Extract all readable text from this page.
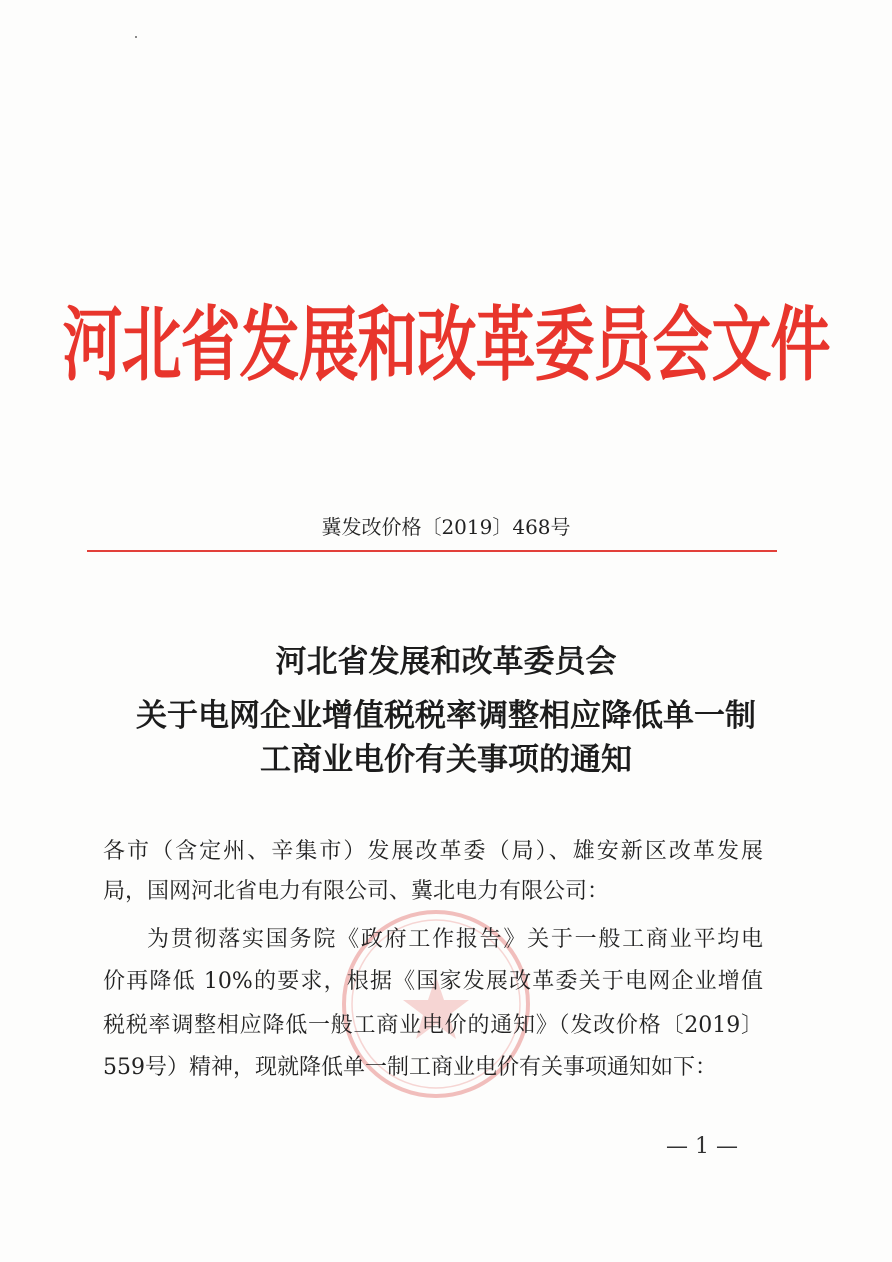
河北省发展和改革委员会文件
冀发改价格〔2019〕468号
河北省发展和改革委员会
关于电网企业增值税税率调整相应降低单一制
工商业电价有关事项的通知
各市（含定州、辛集市）发展改革委（局）、雄安新区改革发展
局，国网河北省电力有限公司、冀北电力有限公司：
为贯彻落实国务院《政府工作报告》关于一般工商业平均电
价再降低 10%的要求，根据《国家发展改革委关于电网企业增值
税税率调整相应降低一般工商业电价的通知》（发改价格〔2019〕
559号）精神，现就降低单一制工商业电价有关事项通知如下：
— 1 —
